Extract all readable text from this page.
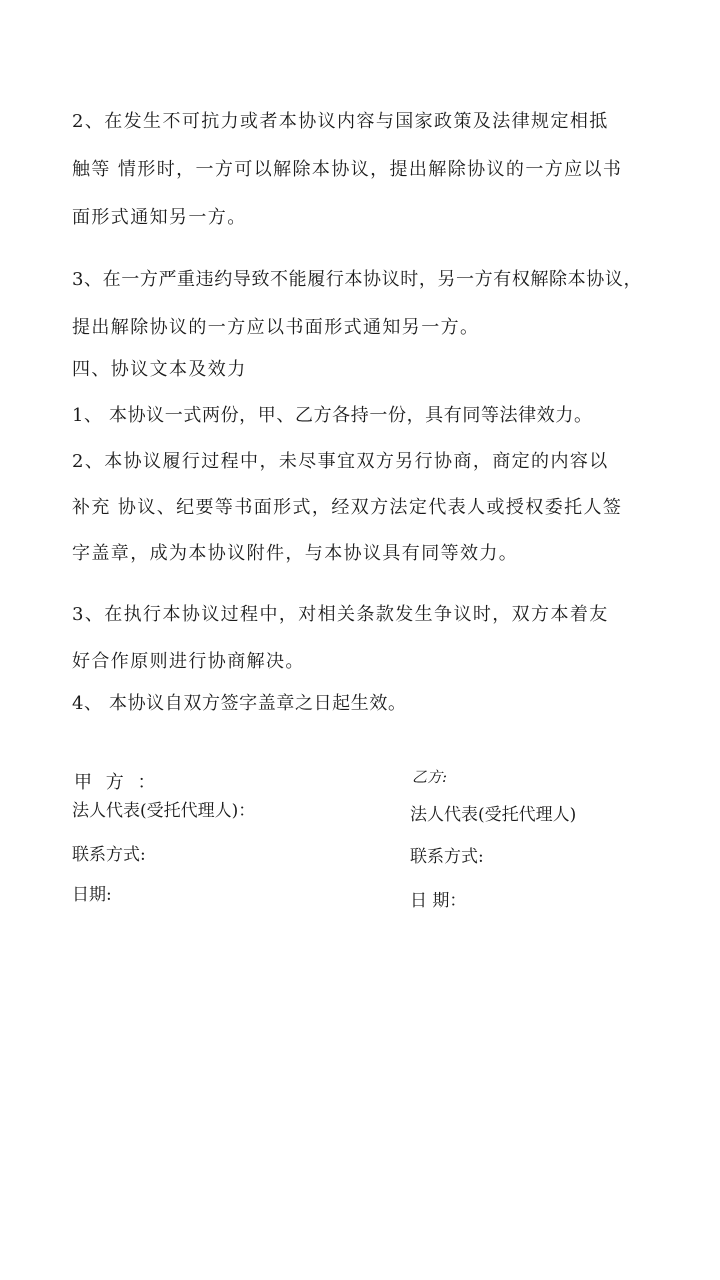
2、在发生不可抗力或者本协议内容与国家政策及法律规定相抵
触等 情形时，一方可以解除本协议，提出解除协议的一方应以书
面形式通知另一方。
3、在一方严重违约导致不能履行本协议时，另一方有权解除本协议，
提出解除协议的一方应以书面形式通知另一方。
四、协议文本及效力
1、 本协议一式两份，甲、乙方各持一份，具有同等法律效力。
2、本协议履行过程中，未尽事宜双方另行协商，商定的内容以
补充 协议、纪要等书面形式，经双方法定代表人或授权委托人签
字盖章，成为本协议附件，与本协议具有同等效力。
3、在执行本协议过程中，对相关条款发生争议时，双方本着友
好合作原则进行协商解决。
4、 本协议自双方签字盖章之日起生效。
甲 方 ：
法人代表(受托代理人)：
联系方式:
日期:
乙方:
法人代表(受托代理人)
联系方式:
日 期：
